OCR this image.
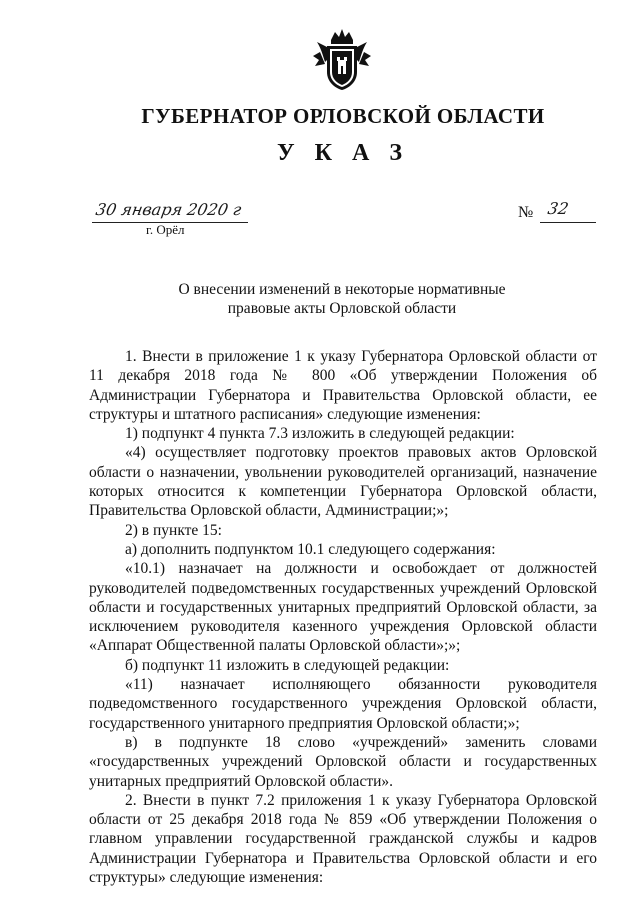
ГУБЕРНАТОР ОРЛОВСКОЙ ОБЛАСТИ
У К А З
30 января 2020 г
г. Орёл
№ 32
О внесении изменений в некоторые нормативные
правовые акты Орловской области

1. Внести в приложение 1 к указу Губернатора Орловской области от 11 декабря 2018 года № 800 «Об утверждении Положения об Администрации Губернатора и Правительства Орловской области, ее структуры и штатного расписания» следующие изменения:

1) подпункт 4 пункта 7.3 изложить в следующей редакции:

«4) осуществляет подготовку проектов правовых актов Орловской области о назначении, увольнении руководителей организаций, назначение которых относится к компетенции Губернатора Орловской области, Правительства Орловской области, Администрации;»;

2) в пункте 15:

а) дополнить подпунктом 10.1 следующего содержания:

«10.1) назначает на должности и освобождает от должностей руководителей подведомственных государственных учреждений Орловской области и государственных унитарных предприятий Орловской области, за исключением руководителя казенного учреждения Орловской области «Аппарат Общественной палаты Орловской области»;»;

б) подпункт 11 изложить в следующей редакции:

«11) назначает исполняющего обязанности руководителя подведомственного государственного учреждения Орловской области, государственного унитарного предприятия Орловской области;»;

в) в подпункте 18 слово «учреждений» заменить словами «государственных учреждений Орловской области и государственных унитарных предприятий Орловской области».

2. Внести в пункт 7.2 приложения 1 к указу Губернатора Орловской области от 25 декабря 2018 года № 859 «Об утверждении Положения о главном управлении государственной гражданской службы и кадров Администрации Губернатора и Правительства Орловской области и его структуры» следующие изменения:
